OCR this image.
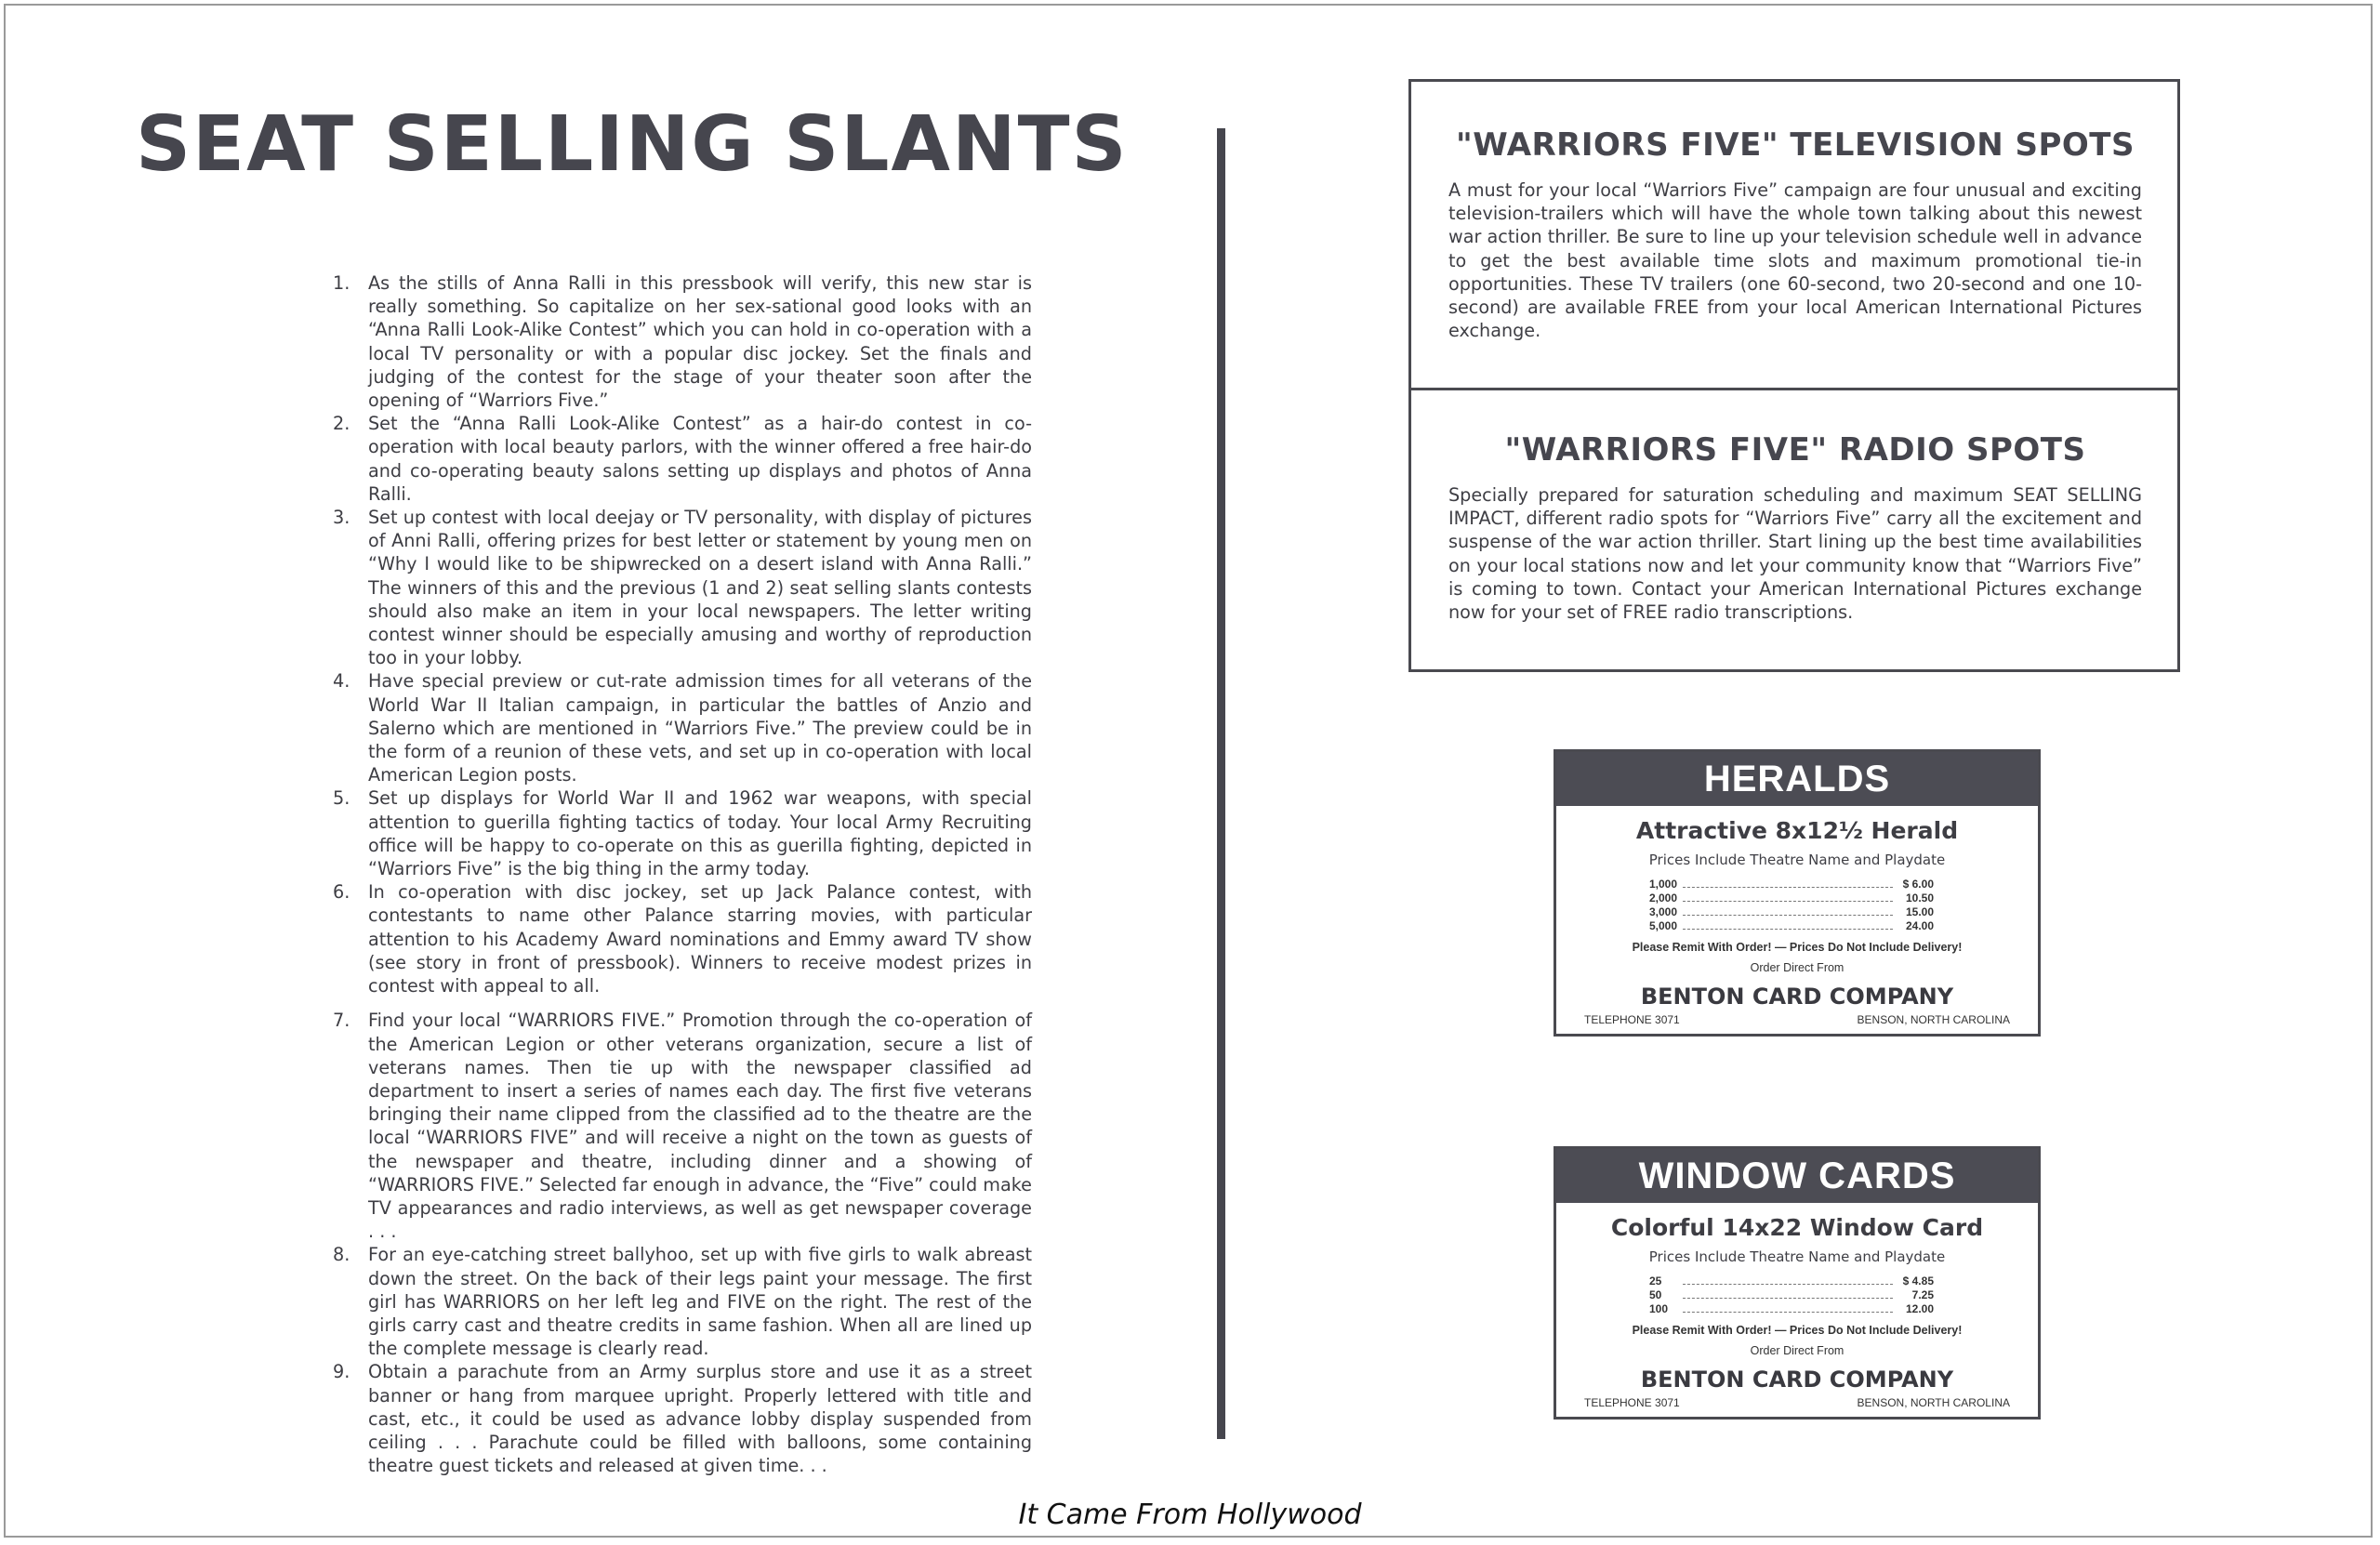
SEAT SELLING SLANTS
1. As the stills of Anna Ralli in this pressbook will verify, this new star is really something. So capitalize on her sex-sational good looks with an “Anna Ralli Look-Alike Contest” which you can hold in co-operation with a local TV personality or with a popular disc jockey. Set the finals and judging of the contest for the stage of your theater soon after the opening of “Warriors Five.”
2. Set the “Anna Ralli Look-Alike Contest” as a hair-do contest in co-operation with local beauty parlors, with the winner offered a free hair-do and co-operating beauty salons setting up displays and photos of Anna Ralli.
3. Set up contest with local deejay or TV personality, with display of pictures of Anni Ralli, offering prizes for best letter or statement by young men on “Why I would like to be shipwrecked on a desert island with Anna Ralli.” The winners of this and the previous (1 and 2) seat selling slants contests should also make an item in your local newspapers. The letter writing contest winner should be especially amusing and worthy of reproduction too in your lobby.
4. Have special preview or cut-rate admission times for all veterans of the World War II Italian campaign, in particular the battles of Anzio and Salerno which are mentioned in “Warriors Five.” The preview could be in the form of a reunion of these vets, and set up in co-operation with local American Legion posts.
5. Set up displays for World War II and 1962 war weapons, with special attention to guerilla fighting tactics of today. Your local Army Recruiting office will be happy to co-operate on this as guerilla fighting, depicted in “Warriors Five” is the big thing in the army today.
6. In co-operation with disc jockey, set up Jack Palance contest, with contestants to name other Palance starring movies, with particular attention to his Academy Award nominations and Emmy award TV show (see story in front of pressbook). Winners to receive modest prizes in contest with appeal to all.
7. Find your local “WARRIORS FIVE.” Promotion through the co-operation of the American Legion or other veterans organization, secure a list of veterans names. Then tie up with the newspaper classified ad department to insert a series of names each day. The first five veterans bringing their name clipped from the classified ad to the theatre are the local “WARRIORS FIVE” and will receive a night on the town as guests of the newspaper and theatre, including dinner and a showing of “WARRIORS FIVE.” Selected far enough in advance, the “Five” could make TV appearances and radio interviews, as well as get newspaper coverage . . .
8. For an eye-catching street ballyhoo, set up with five girls to walk abreast down the street. On the back of their legs paint your message. The first girl has WARRIORS on her left leg and FIVE on the right. The rest of the girls carry cast and theatre credits in same fashion. When all are lined up the complete message is clearly read.
9. Obtain a parachute from an Army surplus store and use it as a street banner or hang from marquee upright. Properly lettered with title and cast, etc., it could be used as advance lobby display suspended from ceiling . . . Parachute could be filled with balloons, some containing theatre guest tickets and released at given time. . .
"WARRIORS FIVE" TELEVISION SPOTS

A must for your local “Warriors Five” campaign are four unusual and exciting television-trailers which will have the whole town talking about this newest war action thriller. Be sure to line up your television schedule well in advance to get the best available time slots and maximum promotional tie-in opportunities. These TV trailers (one 60-second, two 20-second and one 10-second) are available FREE from your local American International Pictures exchange.

"WARRIORS FIVE" RADIO SPOTS

Specially prepared for saturation scheduling and maximum SEAT SELLING IMPACT, different radio spots for “Warriors Five” carry all the excitement and suspense of the war action thriller. Start lining up the best time availabilities on your local stations now and let your community know that “Warriors Five” is coming to town. Contact your American International Pictures exchange now for your set of FREE radio transcriptions.

HERALDS
Attractive 8x12½ Herald
Prices Include Theatre Name and Playdate
1,000	$ 6.00
2,000	10.50
3,000	15.00
5,000	24.00
Please Remit With Order! — Prices Do Not Include Delivery!
Order Direct From
BENTON CARD COMPANY
TELEPHONE 3071	BENSON, NORTH CAROLINA
WINDOW CARDS
Colorful 14x22 Window Card
Prices Include Theatre Name and Playdate
25	$ 4.85
50	7.25
100	12.00
Please Remit With Order! — Prices Do Not Include Delivery!
Order Direct From
BENTON CARD COMPANY
TELEPHONE 3071	BENSON, NORTH CAROLINA

It Came From Hollywood
